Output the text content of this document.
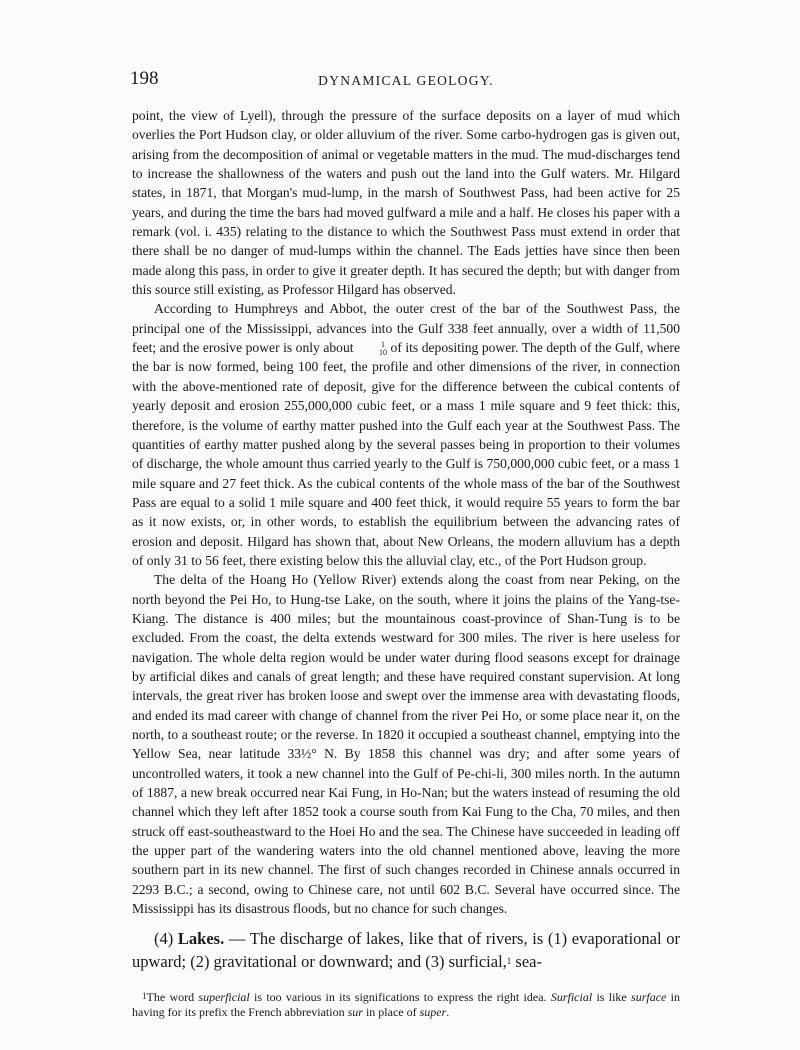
198	DYNAMICAL GEOLOGY.

point, the view of Lyell), through the pressure of the surface deposits on a layer of mud which overlies the Port Hudson clay, or older alluvium of the river. Some carbo-hydrogen gas is given out, arising from the decomposition of animal or vegetable matters in the mud. The mud-discharges tend to increase the shallowness of the waters and push out the land into the Gulf waters. Mr. Hilgard states, in 1871, that Morgan's mud-lump, in the marsh of Southwest Pass, had been active for 25 years, and during the time the bars had moved gulfward a mile and a half. He closes his paper with a remark (vol. i. 435) relating to the distance to which the Southwest Pass must extend in order that there shall be no danger of mud-lumps within the channel. The Eads jetties have since then been made along this pass, in order to give it greater depth. It has secured the depth; but with danger from this source still existing, as Professor Hilgard has observed.

According to Humphreys and Abbot, the outer crest of the bar of the Southwest Pass, the principal one of the Mississippi, advances into the Gulf 338 feet annually, over a width of 11,500 feet; and the erosive power is only about	1
10 of its depositing power. The depth of the Gulf, where the bar is now formed, being 100 feet, the profile and other dimensions of the river, in connection with the above-mentioned rate of deposit, give for the difference between the cubical contents of yearly deposit and erosion 255,000,000 cubic feet, or a mass 1 mile square and 9 feet thick: this, therefore, is the volume of earthy matter pushed into the Gulf each year at the Southwest Pass. The quantities of earthy matter pushed along by the several passes being in proportion to their volumes of discharge, the whole amount thus carried yearly to the Gulf is 750,000,000 cubic feet, or a mass 1 mile square and 27 feet thick. As the cubical contents of the whole mass of the bar of the Southwest Pass are equal to a solid 1 mile square and 400 feet thick, it would require 55 years to form the bar as it now exists, or, in other words, to establish the equilibrium between the advancing rates of erosion and deposit. Hilgard has shown that, about New Orleans, the modern alluvium has a depth of only 31 to 56 feet, there existing below this the alluvial clay, etc., of the Port Hudson group.

The delta of the Hoang Ho (Yellow River) extends along the coast from near Peking, on the north beyond the Pei Ho, to Hung-tse Lake, on the south, where it joins the plains of the Yang-tse-Kiang. The distance is 400 miles; but the mountainous coast-province of Shan-Tung is to be excluded. From the coast, the delta extends westward for 300 miles. The river is here useless for navigation. The whole delta region would be under water during flood seasons except for drainage by artificial dikes and canals of great length; and these have required constant supervision. At long intervals, the great river has broken loose and swept over the immense area with devastating floods, and ended its mad career with change of channel from the river Pei Ho, or some place near it, on the north, to a southeast route; or the reverse. In 1820 it occupied a southeast channel, emptying into the Yellow Sea, near latitude 33½° N. By 1858 this channel was dry; and after some years of uncontrolled waters, it took a new channel into the Gulf of Pe-chi-li, 300 miles north. In the autumn of 1887, a new break occurred near Kai Fung, in Ho-Nan; but the waters instead of resuming the old channel which they left after 1852 took a course south from Kai Fung to the Cha, 70 miles, and then struck off east-southeastward to the Hoei Ho and the sea. The Chinese have succeeded in leading off the upper part of the wandering waters into the old channel mentioned above, leaving the more southern part in its new channel. The first of such changes recorded in Chinese annals occurred in 2293 B.C.; a second, owing to Chinese care, not until 602 B.C. Several have occurred since. The Mississippi has its disastrous floods, but no chance for such changes.

(4) Lakes. — The discharge of lakes, like that of rivers, is (1) evaporational or upward; (2) gravitational or downward; and (3) surficial,$^1$ sea-

$^1$The word superficial is too various in its significations to express the right idea. Surficial is like surface in having for its prefix the French abbreviation sur in place of super.
